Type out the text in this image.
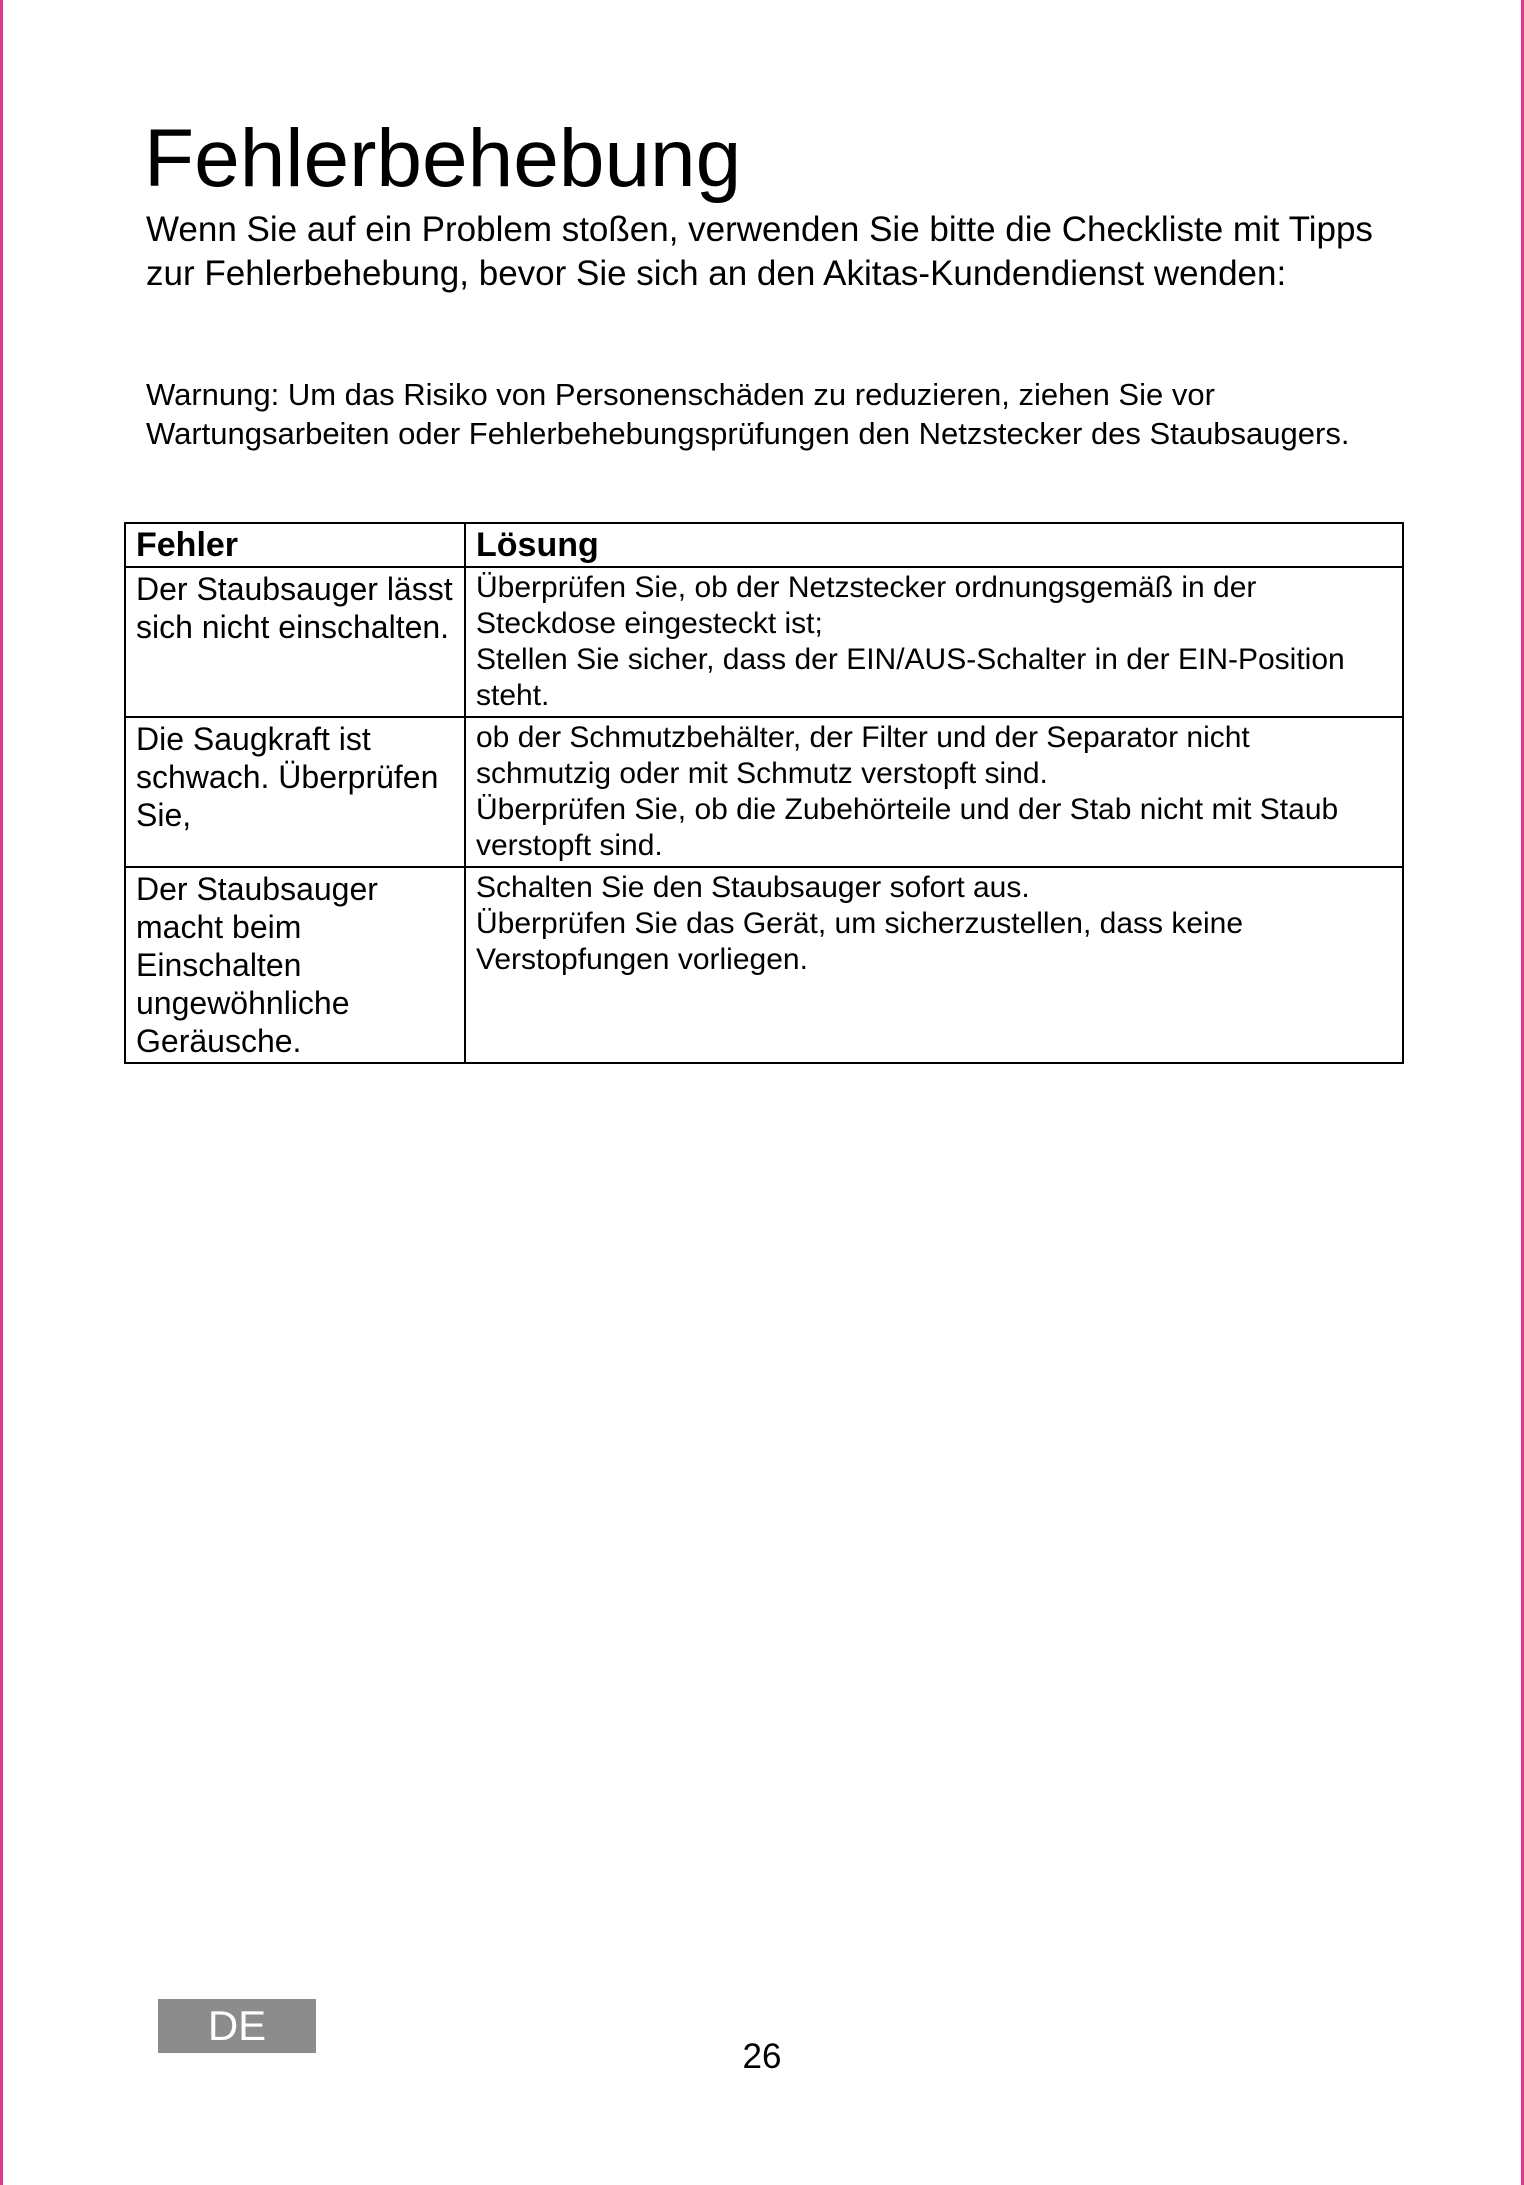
Fehlerbehebung

Wenn Sie auf ein Problem stoßen, verwenden Sie bitte die Checkliste mit Tipps zur Fehlerbehebung, bevor Sie sich an den Akitas-Kundendienst wenden:

Warnung: Um das Risiko von Personenschäden zu reduzieren, ziehen Sie vor Wartungsarbeiten oder Fehlerbehebungsprüfungen den Netzstecker des Staubsaugers.

Fehler	Lösung
Der Staubsauger lässt sich nicht einschalten.	Überprüfen Sie, ob der Netzstecker ordnungsgemäß in der Steckdose eingesteckt ist;
Stellen Sie sicher, dass der EIN/AUS-Schalter in der EIN-Position steht.

Die Saugkraft ist schwach. Überprüfen Sie,	ob der Schmutzbehälter, der Filter und der Separator nicht schmutzig oder mit Schmutz verstopft sind.
Überprüfen Sie, ob die Zubehörteile und der Stab nicht mit Staub verstopft sind.

Der Staubsauger macht beim Einschalten ungewöhnliche Geräusche.	Schalten Sie den Staubsauger sofort aus.
Überprüfen Sie das Gerät, um sicherzustellen, dass keine Verstopfungen vorliegen.
DE
26
